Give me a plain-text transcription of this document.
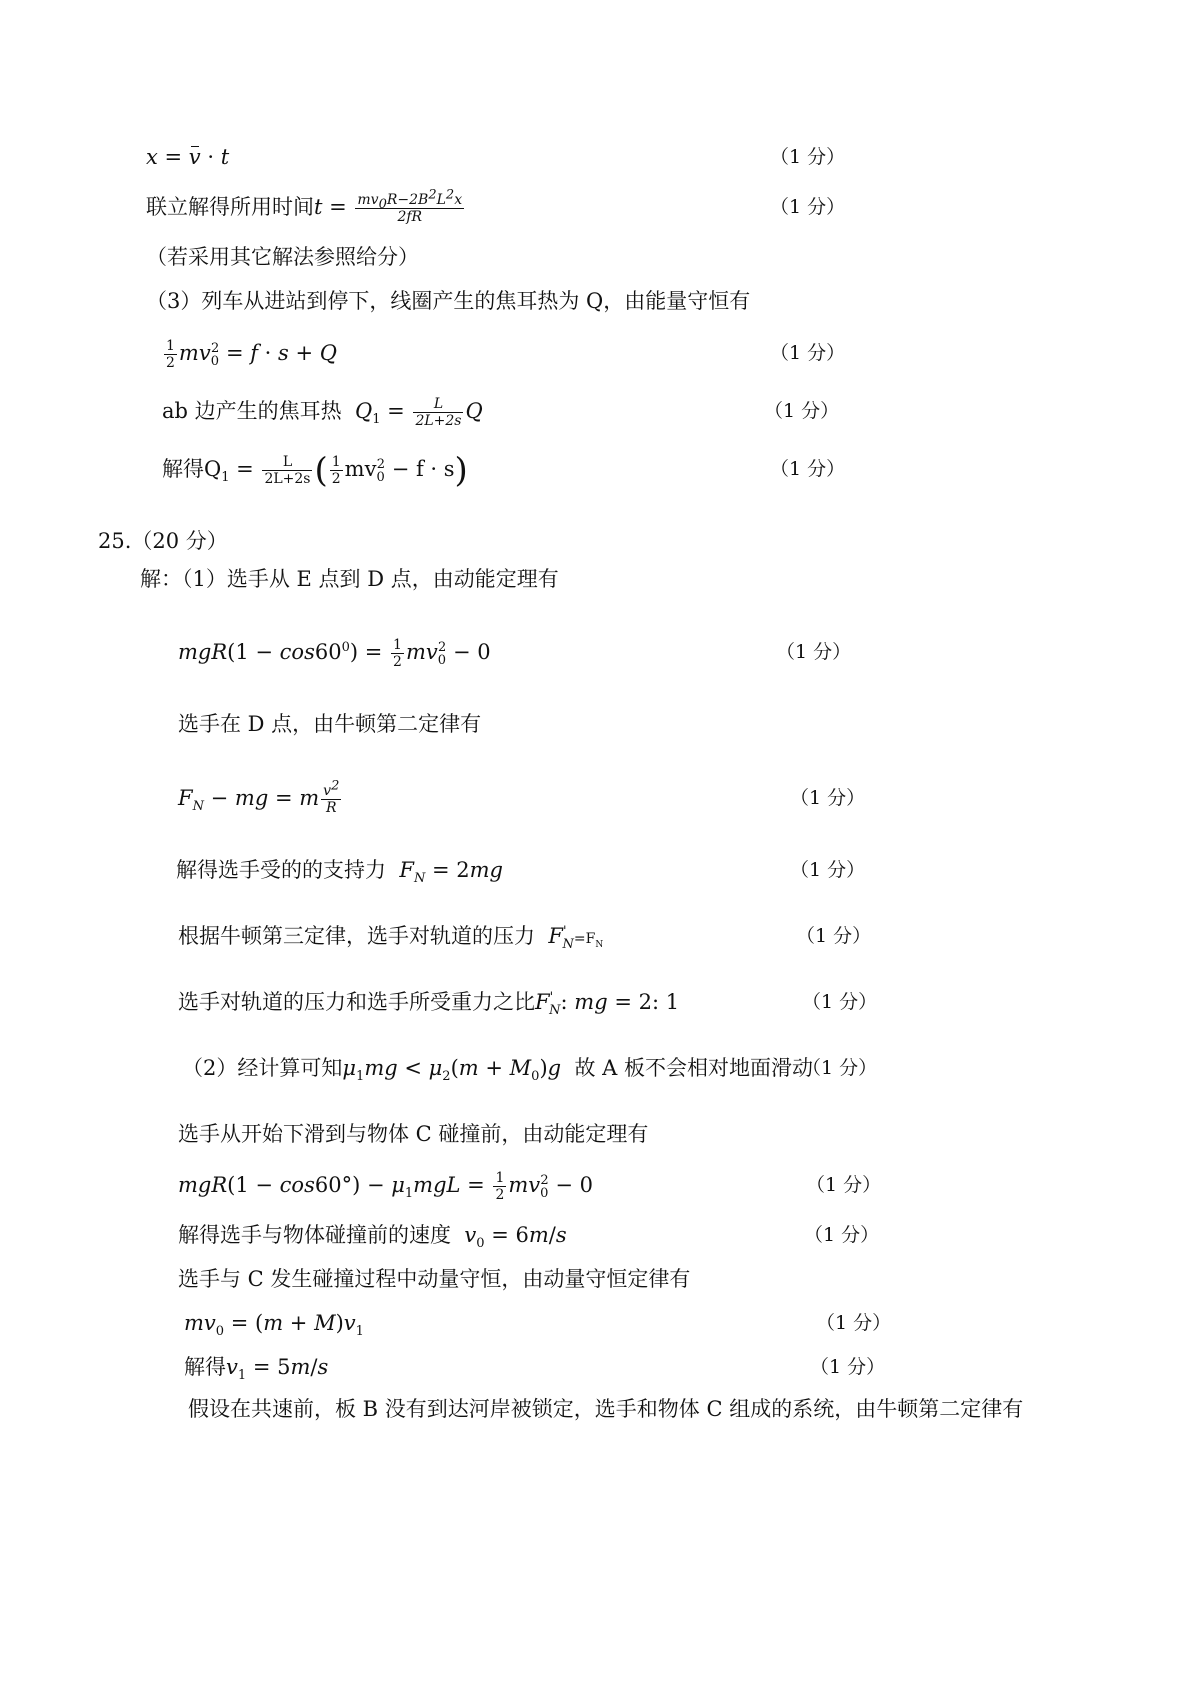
x = v · t	（1 分）
联立解得所用时间$t = \frac{mv_0R-2B^2L^2x}{2fR}$	（1 分）
（若采用其它解法参照给分）
（3）列车从进站到停下，线圈产生的焦耳热为 Q，由能量守恒有
$\frac{1}{2} mv_0^2 = f \cdot s + Q$	（1 分）
ab 边产生的焦耳热 $Q_1 = \frac{L}{2L+2s}$ Q	（1 分）
解得$Q_1 = \frac{L}{2L+2s}$ ( $\frac{1}{2} mv_0^2 - f \cdot s$)	（1 分）
25.（20 分）
解：（1）选手从 E 点到 D 点，由动能定理有
$mgR(1 - \cos 60^0) = \frac{1}{2} mv_0^2 - 0$	（1 分）
选手在 D 点，由牛顿第二定律有
$F_N$ − mg = m $\frac{v^2}{R}$	（1 分）
解得选手受的的支持力 $F_N = 2mg$	（1 分）
根据牛顿第三定律，选手对轨道的压力 $F'_N=F_N$	（1 分）
选手对轨道的压力和选手所受重力之比$F'_N$: mg = 2: 1	（1 分）
（2）经计算可知$\mu_1mg < \mu_2(m + M_0)g$ 故 A 板不会相对地面滑动
（1 分）
选手从开始下滑到与物体 C 碰撞前，由动能定理有
$mgR(1 - \cos 60^\circ) - \mu_1mgL = \frac{1}{2} mv_0^2 - 0$	（1 分）
解得选手与物体碰撞前的速度 $v_0 = 6m/s$	（1 分）
选手与 C 发生碰撞过程中动量守恒，由动量守恒定律有
$mv_0 = (m + M)v_1$	（1 分）
解得$v_1 = 5m/s$	（1 分）
假设在共速前，板 B 没有到达河岸被锁定，选手和物体 C 组成的系统，由牛顿第二定律有
